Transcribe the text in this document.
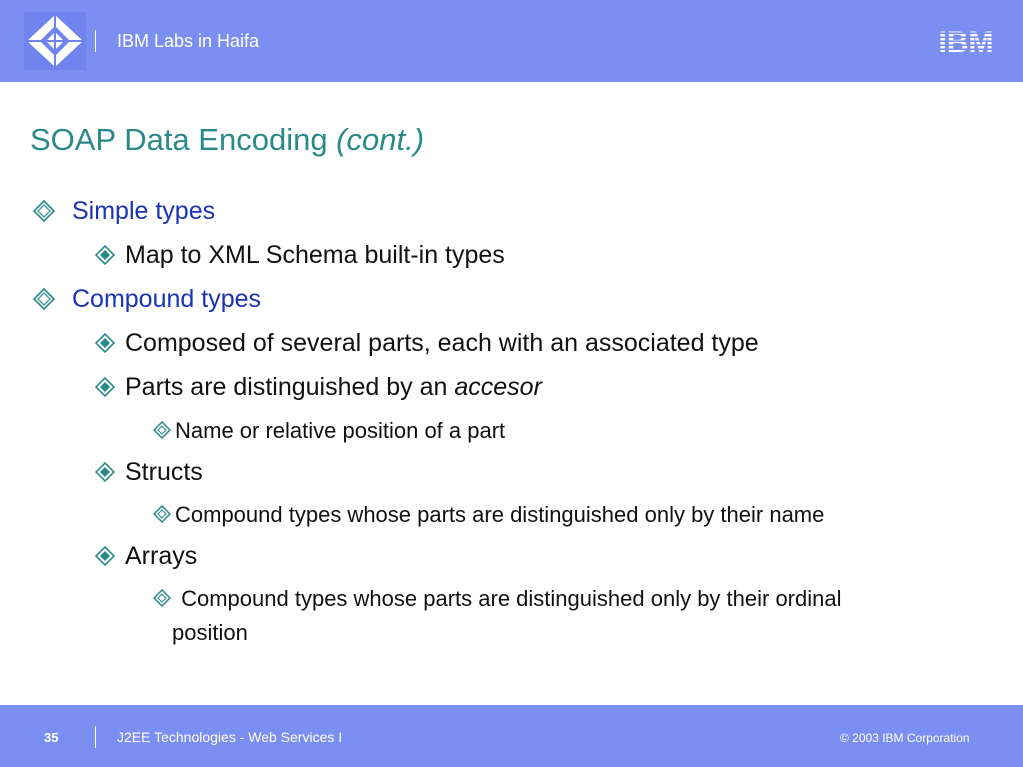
IBM Labs in Haifa	IBM
SOAP Data Encoding (cont.)
Simple types
Map to XML Schema built-in types
Compound types
Composed of several parts, each with an associated type
Parts are distinguished by an accesor
Name or relative position of a part
Structs
Compound types whose parts are distinguished only by their name
Arrays
Compound types whose parts are distinguished only by their ordinal
position
35	J2EE Technologies - Web Services I	© 2003 IBM Corporation
